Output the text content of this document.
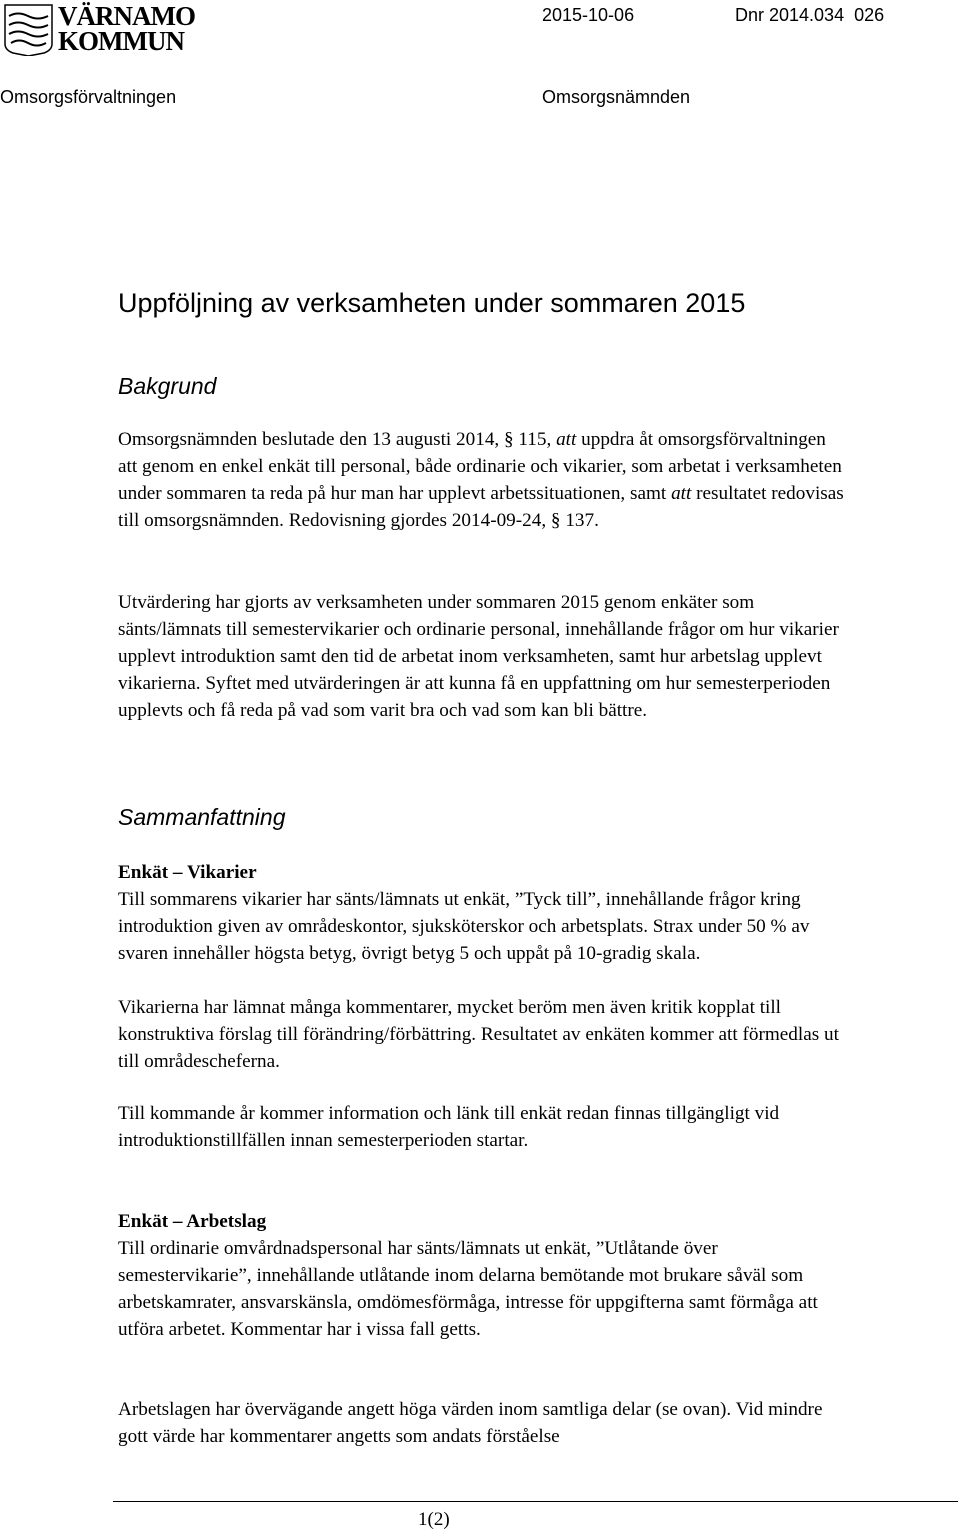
VÄRNAMO
KOMMUN
2015-10-06	Dnr 2014.034  026
Omsorgsförvaltningen	Omsorgsnämnden
Uppföljning av verksamheten under sommaren 2015
Bakgrund

Omsorgsnämnden beslutade den 13 augusti 2014, § 115, att uppdra åt omsorgsförvaltningen att genom en enkel enkät till personal, både ordinarie och vikarier, som arbetat i verksamheten under sommaren ta reda på hur man har upplevt arbetssituationen, samt att resultatet redovisas till omsorgsnämnden. Redovisning gjordes 2014-09-24, § 137.

Utvärdering har gjorts av verksamheten under sommaren 2015 genom enkäter som sänts/lämnats till semestervikarier och ordinarie personal, innehållande frågor om hur vikarier upplevt introduktion samt den tid de arbetat inom verksamheten, samt hur arbetslag upplevt vikarierna. Syftet med utvärderingen är att kunna få en uppfattning om hur semesterperioden upplevts och få reda på vad som varit bra och vad som kan bli bättre.

Sammanfattning
Enkät – Vikarier

Till sommarens vikarier har sänts/lämnats ut enkät, ”Tyck till”, innehållande frågor kring introduktion given av områdeskontor, sjuksköterskor och arbetsplats. Strax under 50 % av svaren innehåller högsta betyg, övrigt betyg 5 och uppåt på 10-gradig skala.

Vikarierna har lämnat många kommentarer, mycket beröm men även kritik kopplat till konstruktiva förslag till förändring/förbättring. Resultatet av enkäten kommer att förmedlas ut till områdescheferna.

Till kommande år kommer information och länk till enkät redan finnas tillgängligt vid introduktionstillfällen innan semesterperioden startar.

Enkät – Arbetslag

Till ordinarie omvårdnadspersonal har sänts/lämnats ut enkät, ”Utlåtande över semestervikarie”, innehållande utlåtande inom delarna bemötande mot brukare såväl som arbetskamrater, ansvarskänsla, omdömesförmåga, intresse för uppgifterna samt förmåga att utföra arbetet. Kommentar har i vissa fall getts.

Arbetslagen har övervägande angett höga värden inom samtliga delar (se ovan). Vid mindre gott värde har kommentarer angetts som andats förståelse

1(2)
